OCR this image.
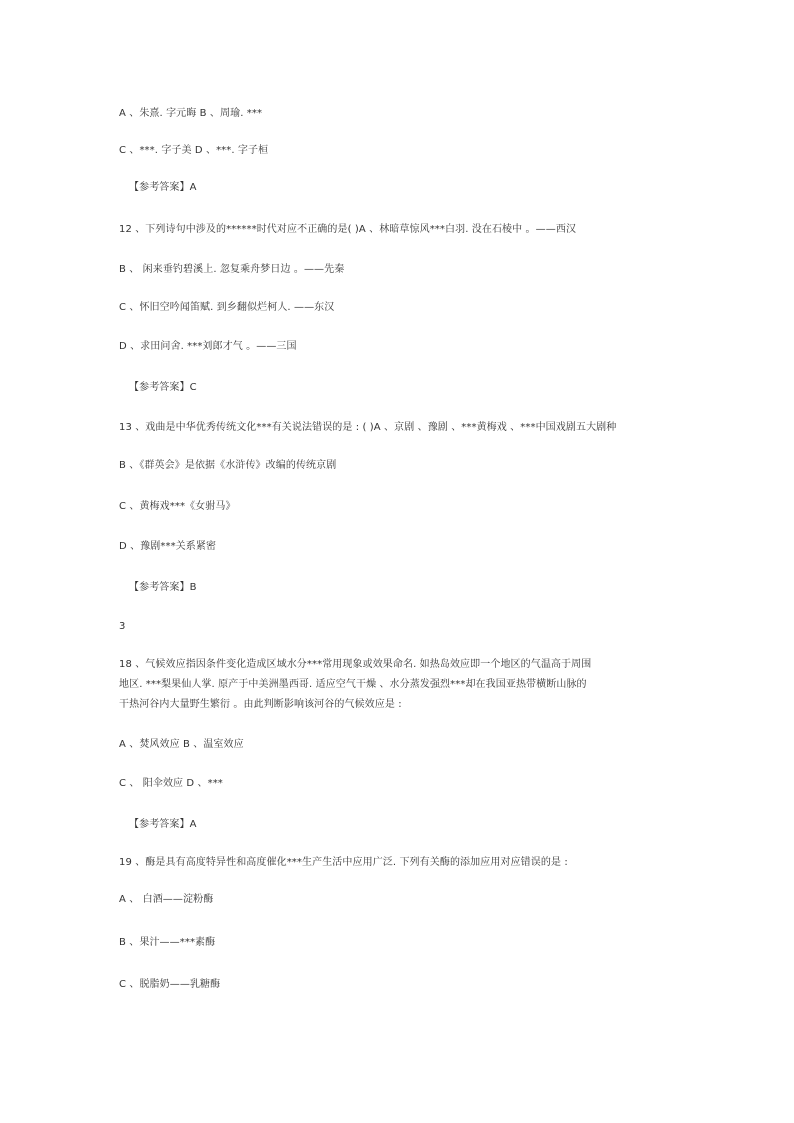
A 、朱熹. 字元晦 B 、周瑜. ***
C 、***. 字子美 D 、***. 字子桓
【参考答案】A
12 、下列诗句中涉及的******时代对应不正确的是( )A 、林暗草惊风***白羽. 没在石棱中 。——西汉
B 、 闲来垂钓碧溪上. 忽复乘舟梦日边 。——先秦
C 、怀旧空吟闻笛赋. 到乡翻似烂柯人. ——东汉
D 、求田问舍. ***刘郎才气 。——三国
【参考答案】C
13 、戏曲是中华优秀传统文化***有关说法错误的是 : ( )A 、京剧 、豫剧 、***黄梅戏 、***中国戏剧五大剧种
B 、《群英会》是依据《水浒传》改编的传统京剧
C 、黄梅戏***《女驸马》
D 、豫剧***关系紧密
【参考答案】B
3
18 、气候效应指因条件变化造成区域水分***常用现象或效果命名. 如热岛效应即一个地区的气温高于周围
地区. ***梨果仙人掌. 原产于中美洲墨西哥. 适应空气干燥 、水分蒸发强烈***却在我国亚热带横断山脉的
干热河谷内大量野生繁衍 。由此判断影响该河谷的气候效应是 :
A 、焚风效应 B 、温室效应
C 、 阳伞效应 D 、***
【参考答案】A
19 、酶是具有高度特异性和高度催化***生产生活中应用广泛. 下列有关酶的添加应用对应错误的是 :
A 、 白酒——淀粉酶
B 、果汁——***素酶
C 、脱脂奶——乳糖酶
